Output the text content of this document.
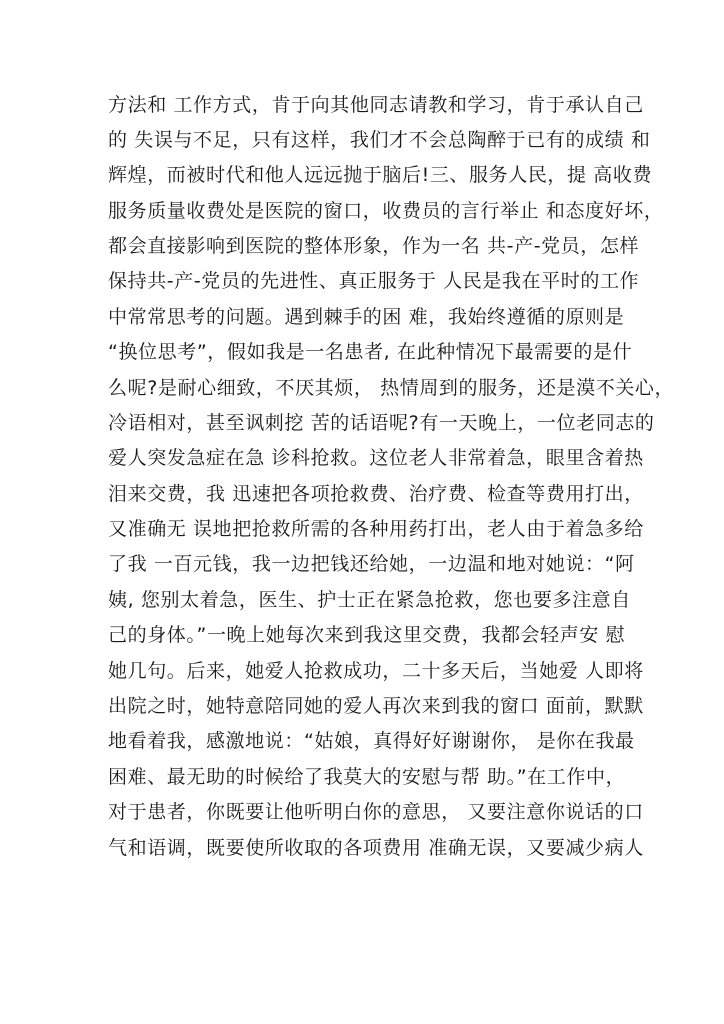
方法和 工作方式，肯于向其他同志请教和学习，肯于承认自己
的 失误与不足，只有这样，我们才不会总陶醉于已有的成绩 和
辉煌，而被时代和他人远远抛于脑后!三、服务人民，提 高收费
服务质量收费处是医院的窗口，收费员的言行举止 和态度好坏，
都会直接影响到医院的整体形象，作为一名 共-产-党员，怎样
保持共-产-党员的先进性、真正服务于 人民是我在平时的工作
中常常思考的问题。遇到棘手的困 难，我始终遵循的原则是
“换位思考”，假如我是一名患者, 在此种情况下最需要的是什
么呢?是耐心细致，不厌其烦， 热情周到的服务，还是漠不关心，
冷语相对，甚至讽刺挖 苦的话语呢?有一天晚上，一位老同志的
爱人突发急症在急 诊科抢救。这位老人非常着急，眼里含着热
泪来交费，我 迅速把各项抢救费、治疗费、检查等费用打出，
又准确无 误地把抢救所需的各种用药打出，老人由于着急多给
了我 一百元钱，我一边把钱还给她，一边温和地对她说：“阿
姨, 您别太着急，医生、护士正在紧急抢救，您也要多注意自
己的身体。”一晚上她每次来到我这里交费，我都会轻声安 慰
她几句。后来，她爱人抢救成功，二十多天后，当她爱 人即将
出院之时，她特意陪同她的爱人再次来到我的窗口 面前，默默
地看着我，感激地说：“姑娘，真得好好谢谢你， 是你在我最
困难、最无助的时候给了我莫大的安慰与帮 助。”在工作中，
对于患者，你既要让他听明白你的意思， 又要注意你说话的口
气和语调，既要使所收取的各项费用 准确无误，又要减少病人
